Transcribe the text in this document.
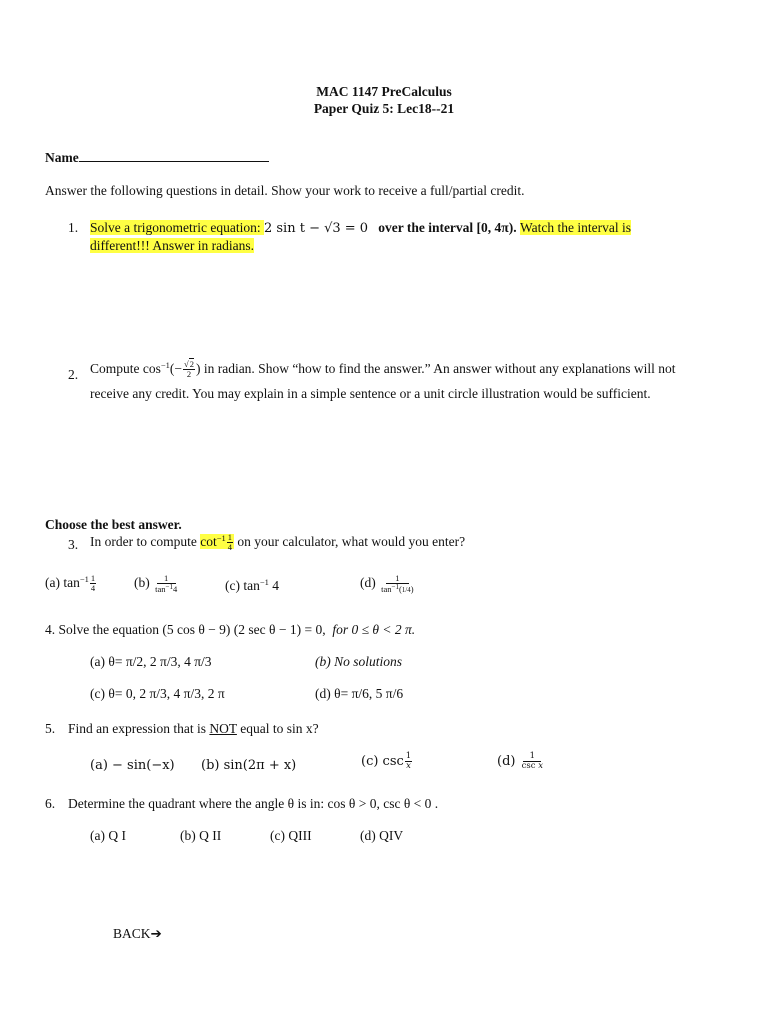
MAC 1147 PreCalculus
Paper Quiz 5: Lec18--21
Name
Answer the following questions in detail. Show your work to receive a full/partial credit.
1. Solve a trigonometric equation: 2 sin t − √3 = 0 over the interval [0, 4π). Watch the interval is
different!!! Answer in radians.
2. Compute $\cos^{-1}(- \frac{√2}{2}$ ) in radian. Show “how to find the answer.” An answer without any explanations will not
receive any credit. You may explain in a simple sentence or a unit circle illustration would be sufficient.
Choose the best answer.
3. In order to compute $\cot^{-1} \frac{1}{4}$ on your calculator, what would you enter?
(a) $\tan^{-1} \frac{1}{4}$	$(b) \frac{1}{\tan^{-1}4}$	(c) $\tan^{-1} 4$	$(d) \frac{1}{\tan^{-1}(1/4)}$
4. Solve the equation (5 cos θ − 9) (2 sec θ − 1) = 0, for 0 ≤ θ < 2 π.
(a) θ= π/2, 2 π/3, 4 π/3	(b) No solutions
(c) θ= 0, 2 π/3, 4 π/3, 2 π	(d) θ= π/6, 5 π/6
5. Find an expression that is NOT equal to sin x?
(a) − sin(−x) (b) sin(2π + x)	(c) $\csc \frac{1}{x}$	$(d) \frac{1}{\text{csc x}}$
6. Determine the quadrant where the angle θ is in: cos θ > 0, csc θ < 0 .
(a) Q I	(b) Q II	(c) QIII	(d) QIV
BACK➔
